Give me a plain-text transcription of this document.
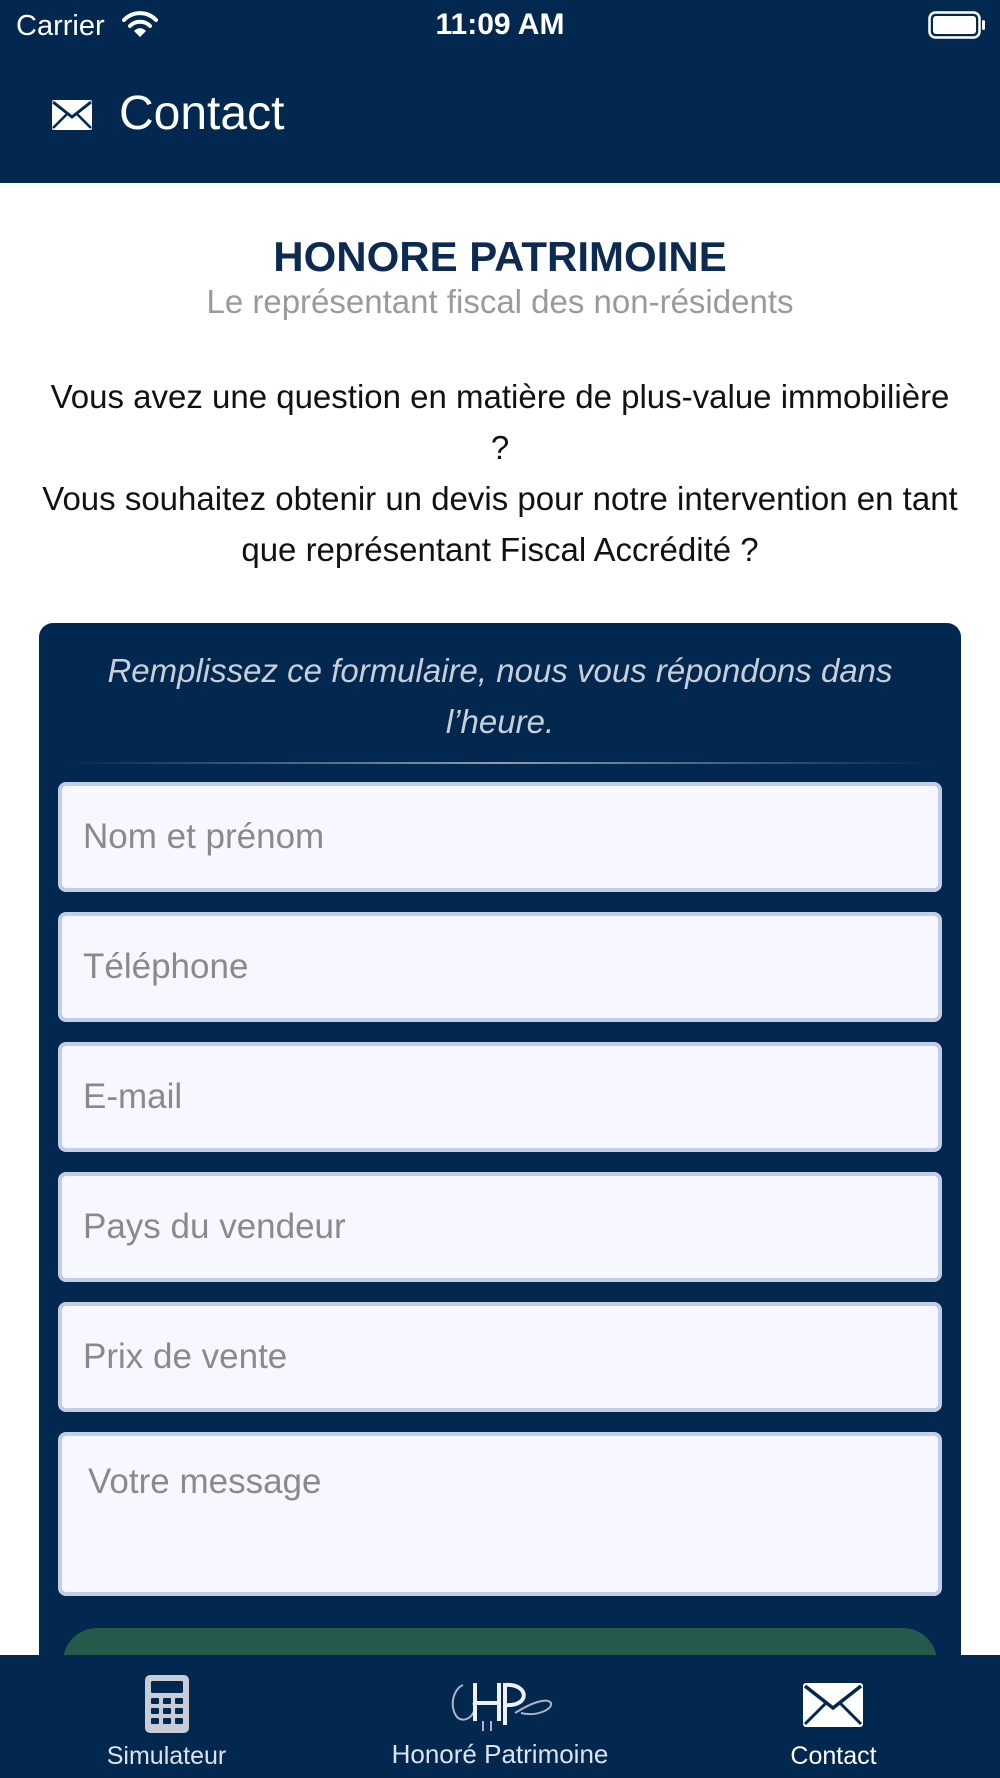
Carrier	11:09 AM
Contact
HONORE PATRIMOINE
Le représentant fiscal des non-résidents
Vous avez une question en matière de plus-value immobilière ?
Vous souhaitez obtenir un devis pour notre intervention en tant que représentant Fiscal Accrédité ?
Remplissez ce formulaire, nous vous répondons dans l’heure.
Nom et prénom
Téléphone
E-mail
Pays du vendeur
Prix de vente
Votre message
Simulateur	Honoré Patrimoine	Contact
